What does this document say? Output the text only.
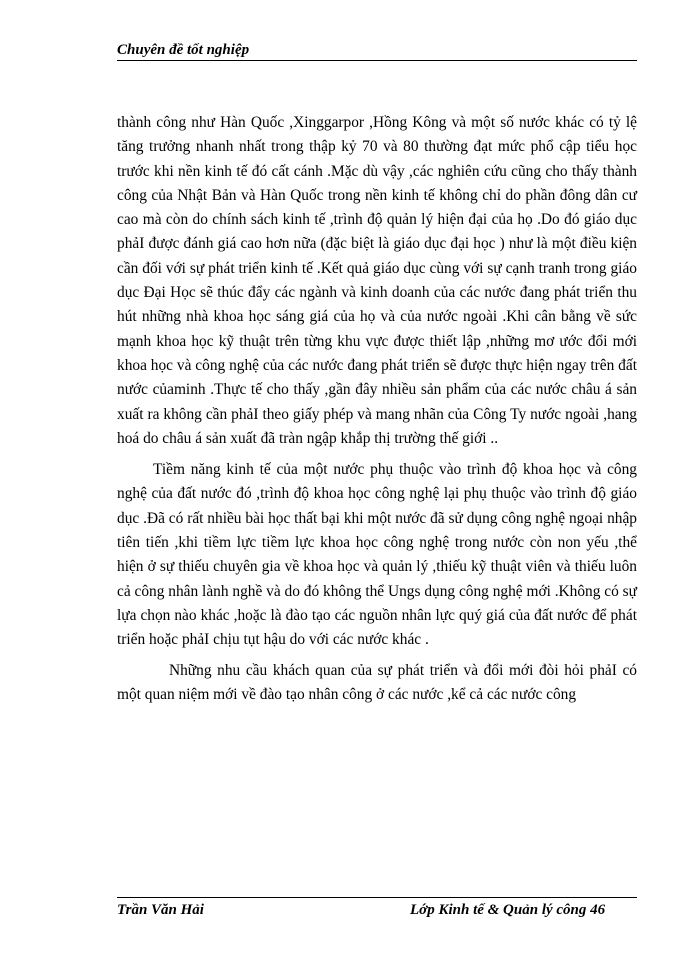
Chuyên đề tốt nghiệp

thành công như Hàn Quốc ,Xinggarpor ,Hồng Kông và một số nước khác có tỷ lệ tăng trưởng nhanh nhất trong thập kỷ 70 và 80 thường đạt mức phổ cập tiểu học trước khi nền kinh tế đó cất cánh .Mặc dù vậy ,các nghiên cứu cũng cho thấy thành công của Nhật Bản và Hàn Quốc trong nền kinh tế không chỉ do phần đông dân cư cao mà còn do chính sách kinh tế ,trình độ quản lý hiện đại của họ .Do đó giáo dục phảI được đánh giá cao hơn nữa (đặc biệt là giáo dục đại học ) như là một điều kiện cần đối với sự phát triển kinh tế .Kết quả giáo dục cùng với sự cạnh tranh trong giáo dục Đại Học sẽ thúc đẩy các ngành và kinh doanh của các nước đang phát triển thu hút những nhà khoa học sáng giá của họ và của nước ngoài .Khi cân bằng về sức mạnh khoa học kỹ thuật trên từng khu vực được thiết lập ,những mơ ước đổi mới khoa học và công nghệ của các nước đang phát triển sẽ được thực hiện ngay trên đất nước củaminh .Thực tế cho thấy ,gần đây nhiều sản phẩm của các nước châu á sản xuất ra không cần phảI theo giấy phép và mang nhãn của Công Ty nước ngoài ,hang hoá do châu á sản xuất đã tràn ngập khắp thị trường thế giới ..

Tiềm năng kinh tế của một nước phụ thuộc vào trình độ khoa học và công nghệ của đất nước đó ,trình độ khoa học công nghệ lại phụ thuộc vào trình độ giáo dục .Đã có rất nhiều bài học thất bại khi một nước đã sử dụng công nghệ ngoại nhập tiên tiến ,khi tiềm lực tiềm lực khoa học công nghệ trong nước còn non yếu ,thể hiện ở sự thiếu chuyên gia về khoa học và quản lý ,thiếu kỹ thuật viên và thiếu luôn cả công nhân lành nghề và do đó không thể Ungs dụng công nghệ mới .Không có sự lựa chọn nào khác ,hoặc là đào tạo các nguồn nhân lực quý giá của đất nước để phát triển hoặc phảI chịu tụt hậu do với các nước khác .

Những nhu cầu khách quan của sự phát triển và đổi mới đòi hỏi phảI có một quan niệm mới về đào tạo nhân công ở các nước ,kể cả các nước công

Trần Văn Hải	Lớp Kinh tế & Quản lý công 46
